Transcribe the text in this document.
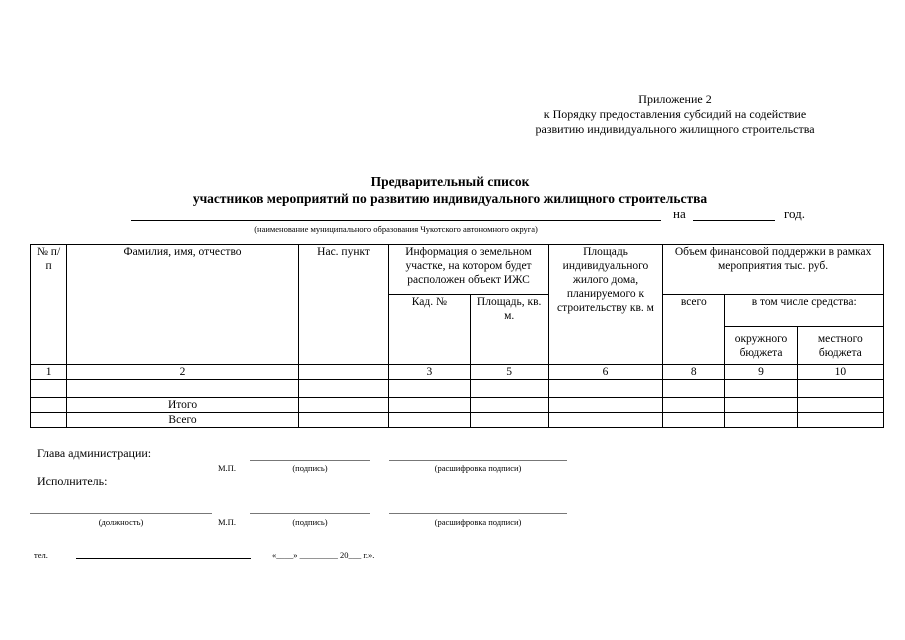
Приложение 2
к Порядку предоставления субсидий на содействие
развитию индивидуального жилищного строительства
Предварительный список
участников мероприятий по развитию индивидуального жилищного строительства
на	год.
(наименование муниципального образования Чукотского автономного округа)
№ п/п	Фамилия, имя, отчество	Нас. пункт	Информация о земельном участке, на котором будет расположен объект ИЖС		Площадь индивидуального жилого дома, планируемого к строительству кв. м	Объем финансовой поддержки в рамках мероприятия тыс. руб.		
			Кад. №	Площадь, кв. м.		всего	в том числе средства:	
							окружного бюджета	местного бюджета
1	2		3	5	6	8	9	10

	Итого							
	Всего							
Глава администрации:
М.П.	(подпись)	(расшифровка подписи)
Исполнитель:
(должность)	М.П.	(подпись)	(расшифровка подписи)
тел.	«____» _________ 20___ г.».
